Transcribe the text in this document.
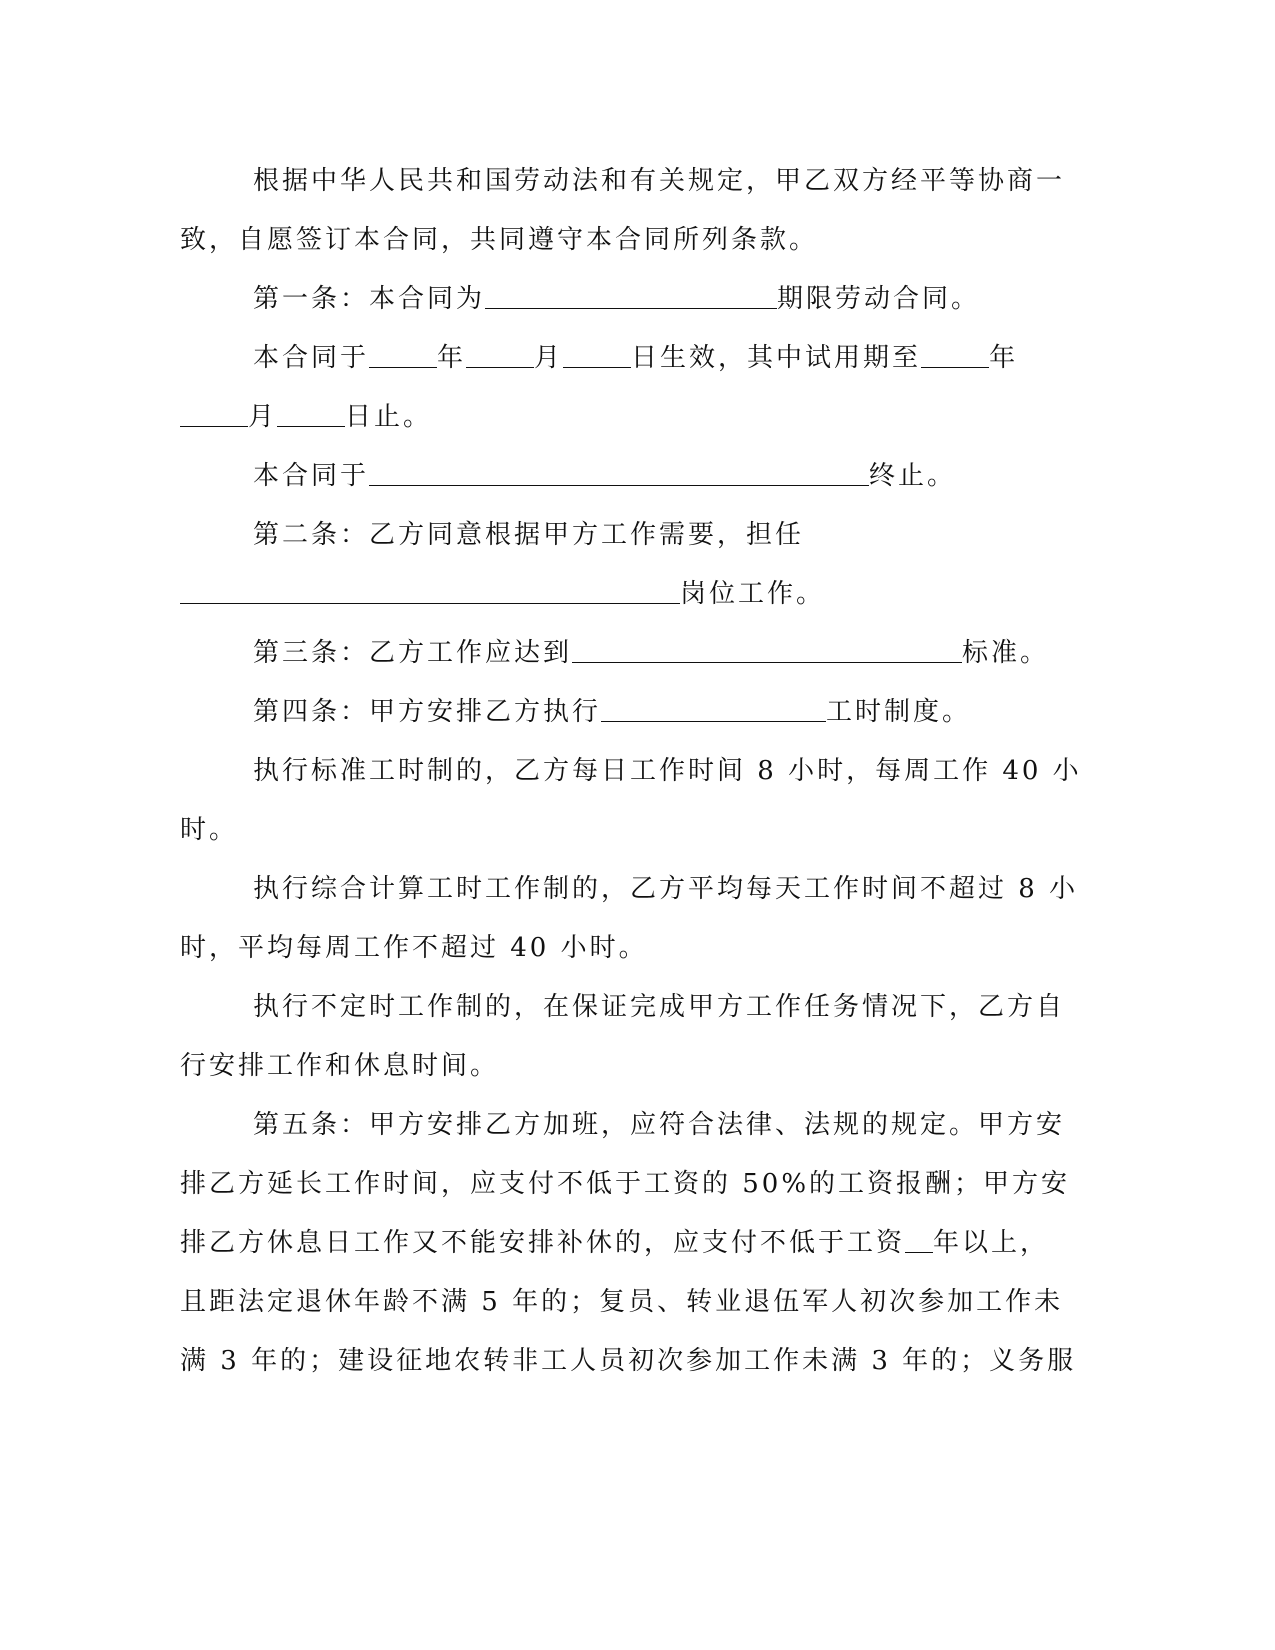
根据中华人民共和国劳动法和有关规定，甲乙双方经平等协商一

致，自愿签订本合同，共同遵守本合同所列条款。

第一条：本合同为	期限劳动合同。

本合同于	年	月	日生效，其中试用期至	年

月	日止。

本合同于	终止。

第二条：乙方同意根据甲方工作需要，担任

岗位工作。

第三条：乙方工作应达到	标准。

第四条：甲方安排乙方执行	工时制度。

执行标准工时制的，乙方每日工作时间 8 小时，每周工作 40 小

时。

执行综合计算工时工作制的，乙方平均每天工作时间不超过 8 小

时，平均每周工作不超过 40 小时。

执行不定时工作制的，在保证完成甲方工作任务情况下，乙方自

行安排工作和休息时间。

第五条：甲方安排乙方加班，应符合法律、法规的规定。甲方安

排乙方延长工作时间，应支付不低于工资的 50%的工资报酬；甲方安

排乙方休息日工作又不能安排补休的，应支付不低于工资 年以上，

且距法定退休年龄不满 5 年的；复员、转业退伍军人初次参加工作未

满 3 年的；建设征地农转非工人员初次参加工作未满 3 年的；义务服
